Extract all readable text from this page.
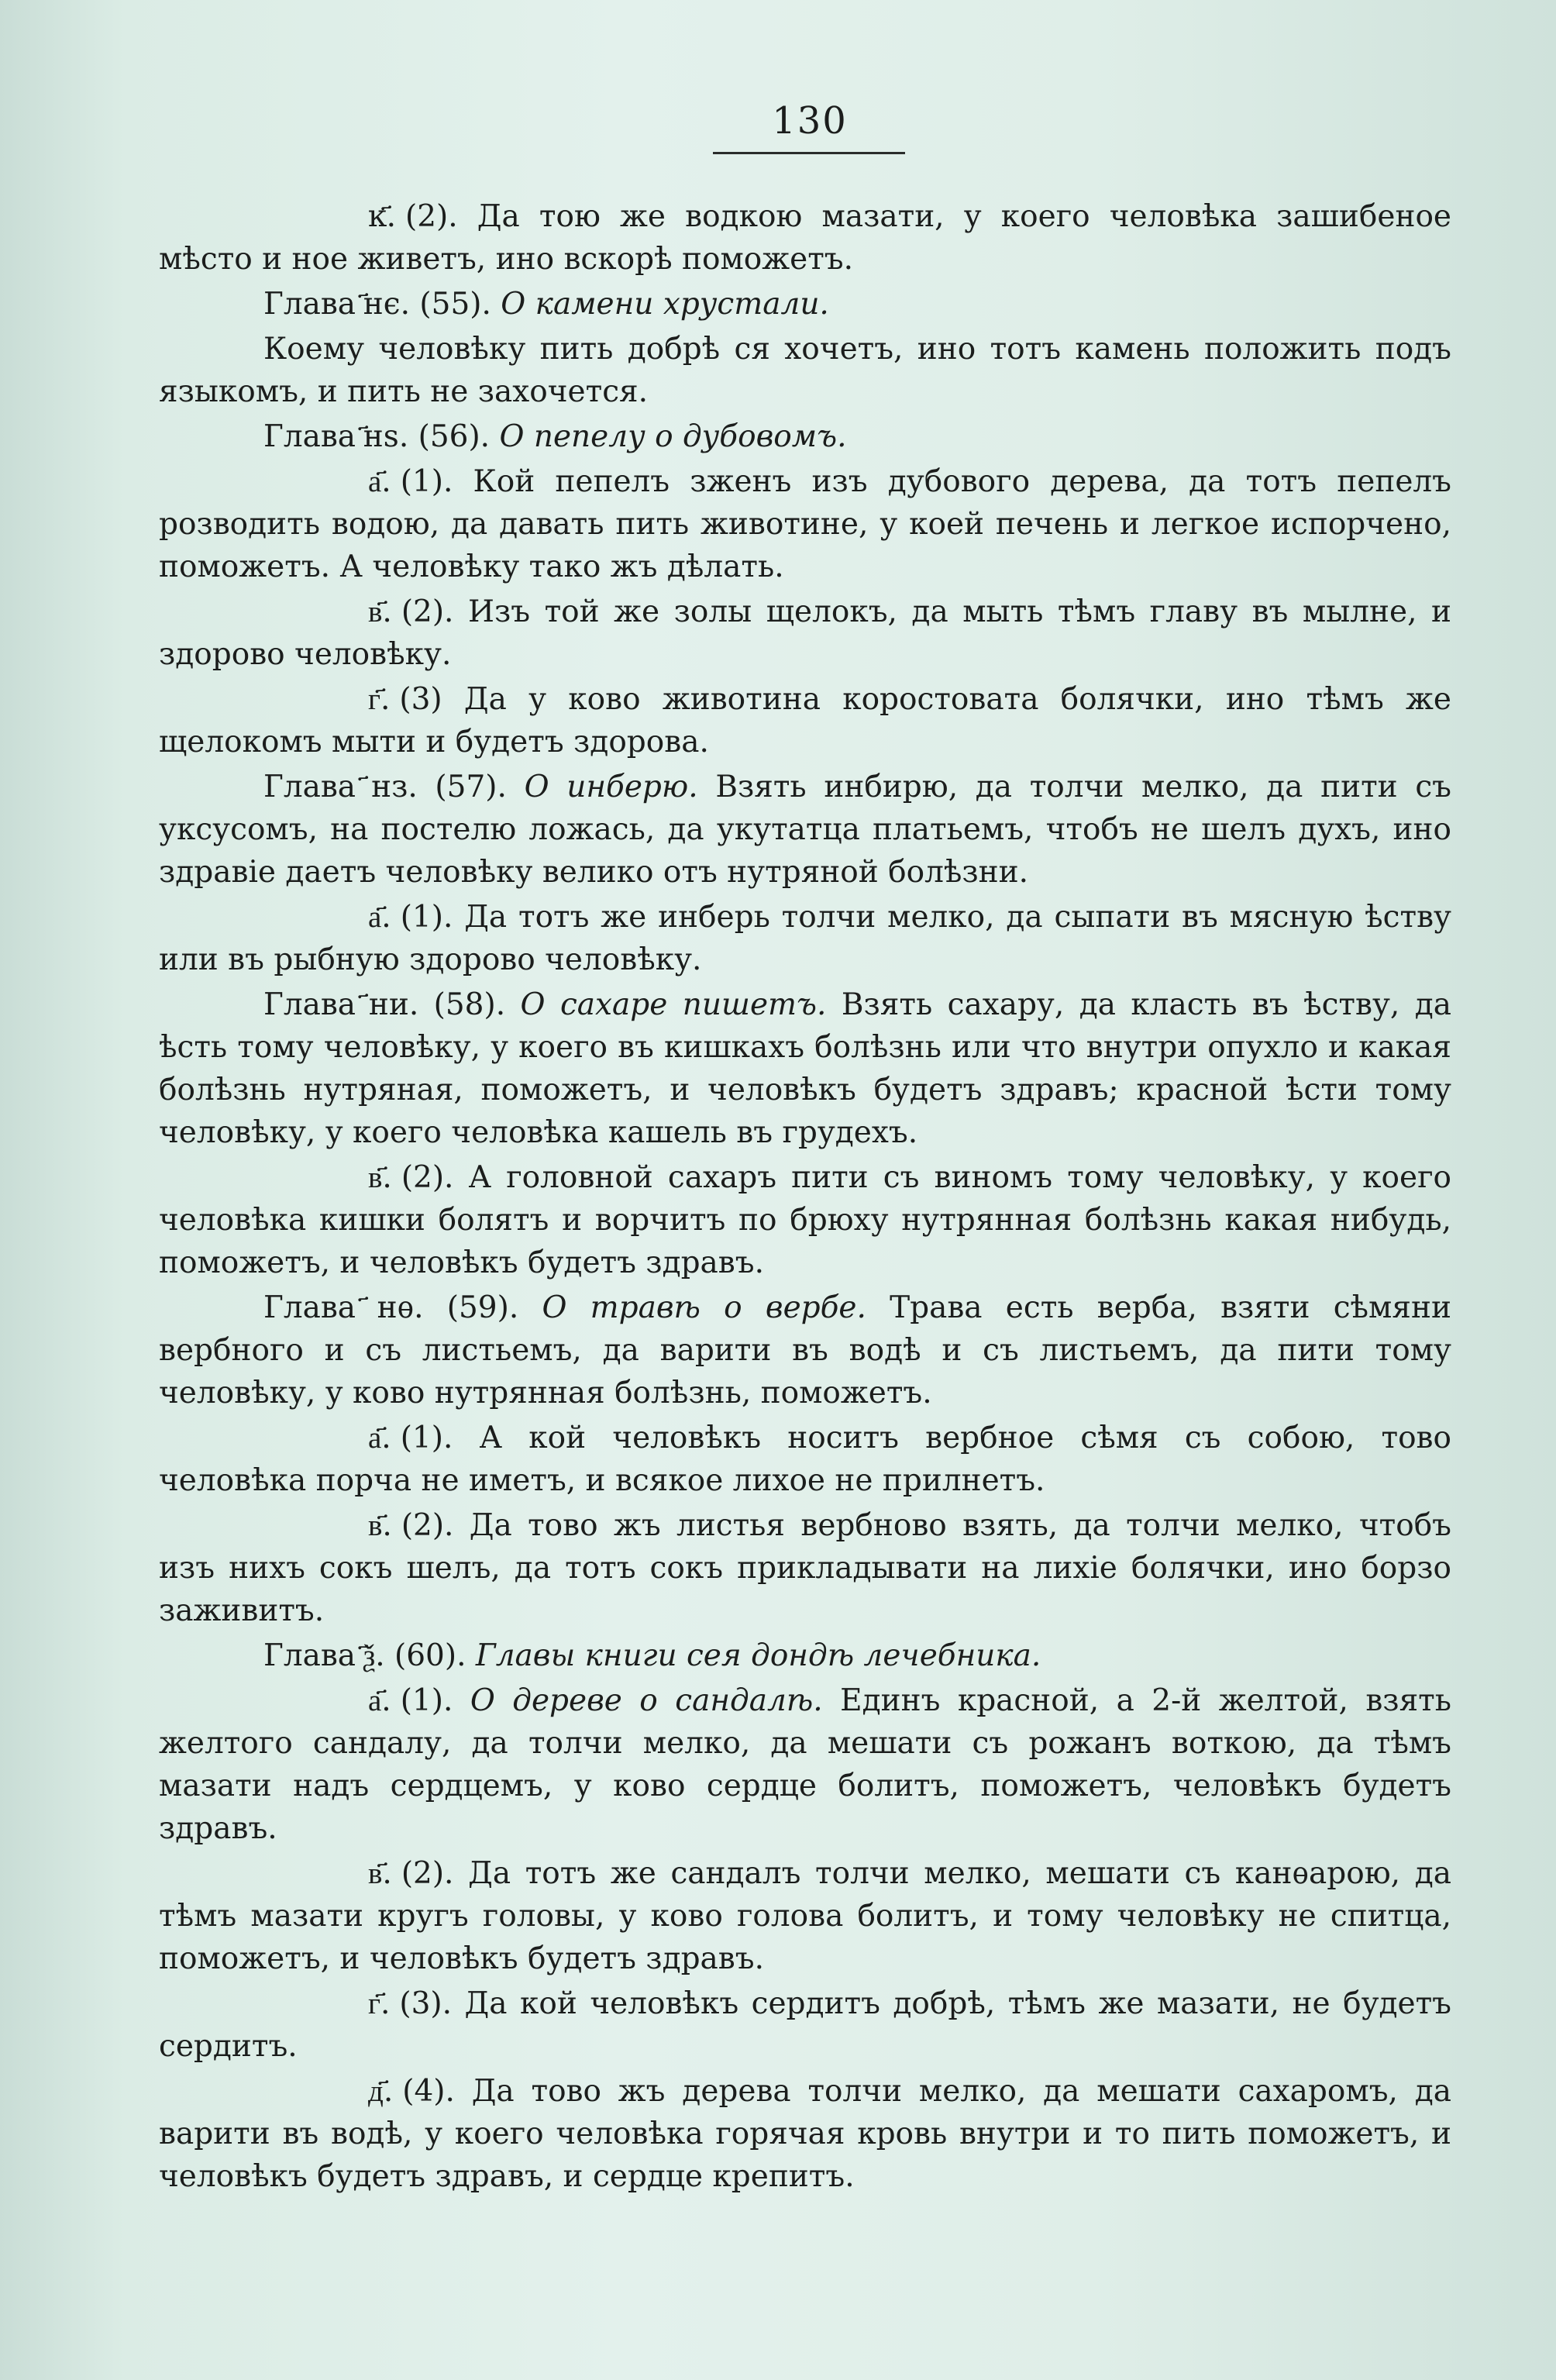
130

ĸ҃. (2). Да тою же водкою мазати, у коего человѣка зашибеное мѣсто и ное живетъ, ино вскорѣ поможетъ.

Глава ҃нє. (55). О камени хрустали.

Коему человѣку пить добрѣ ся хочетъ, ино тотъ камень положить подъ языкомъ, и пить не захочется.

Глава ҃нѕ. (56). О пепелу о дубовомъ.

а҃. (1). Кой пепелъ зженъ изъ дубового дерева, да тотъ пепелъ розводить водою, да давать пить животине, у коей печень и легкое испорчено, поможетъ. А человѣку тако жъ дѣлать.

в҃. (2). Изъ той же золы щелокъ, да мыть тѣмъ главу въ мылне, и здорово человѣку.

г҃. (3) Да у ково животина коростовата болячки, ино тѣмъ же щелокомъ мыти и будетъ здорова.

Глава ҃нз. (57). О инберю. Взять инбирю, да толчи мелко, да пити съ уксусомъ, на постелю ложась, да укутатца платьемъ, чтобъ не шелъ духъ, ино здравіе даетъ человѣку велико отъ нутряной болѣзни.

а҃. (1). Да тотъ же инберь толчи мелко, да сыпати въ мясную ѣству или въ рыбную здорово человѣку.

Глава ҃ни. (58). О сахаре пишетъ. Взять сахару, да класть въ ѣству, да ѣсть тому человѣку, у коего въ кишкахъ болѣзнь или что внутри опухло и какая болѣзнь нутряная, поможетъ, и человѣкъ будетъ здравъ; красной ѣсти тому человѣку, у коего человѣка кашель въ грудехъ.

в҃. (2). А головной сахаръ пити съ виномъ тому человѣку, у коего человѣка кишки болятъ и ворчитъ по брюху нутрянная болѣзнь какая нибудь, поможетъ, и человѣкъ будетъ здравъ.

Глава ҃нѳ. (59). О травѣ о вербе. Трава есть верба, взяти сѣмяни вербного и съ листьемъ, да варити въ водѣ и съ листьемъ, да пити тому человѣку, у ково нутрянная болѣзнь, поможетъ.

а҃. (1). А кой человѣкъ носитъ вербное сѣмя съ собою, тово человѣка порча не иметъ, и всякое лихое не прилнетъ.

в҃. (2). Да тово жъ листья вербново взять, да толчи мелко, чтобъ изъ нихъ сокъ шелъ, да тотъ сокъ прикладывати на лихіе болячки, ино борзо заживитъ.

Глава ҃ѯ. (60). Главы книги сея дондѣ лечебника.

а҃. (1). О дереве о сандалѣ. Единъ красной, а 2-й желтой, взять желтого сандалу, да толчи мелко, да мешати съ рожанъ воткою, да тѣмъ мазати надъ сердцемъ, у ково сердце болитъ, поможетъ, человѣкъ будетъ здравъ.

в҃. (2). Да тотъ же сандалъ толчи мелко, мешати съ канѳарою, да тѣмъ мазати кругъ головы, у ково голова болитъ, и тому человѣку не спитца, поможетъ, и человѣкъ будетъ здравъ.

г҃. (3). Да кой человѣкъ сердитъ добрѣ, тѣмъ же мазати, не будетъ сердитъ.

д҃. (4). Да тово жъ дерева толчи мелко, да мешати сахаромъ, да варити въ водѣ, у коего человѣка горячая кровь внутри и то пить поможетъ, и человѣкъ будетъ здравъ, и сердце крепитъ.
